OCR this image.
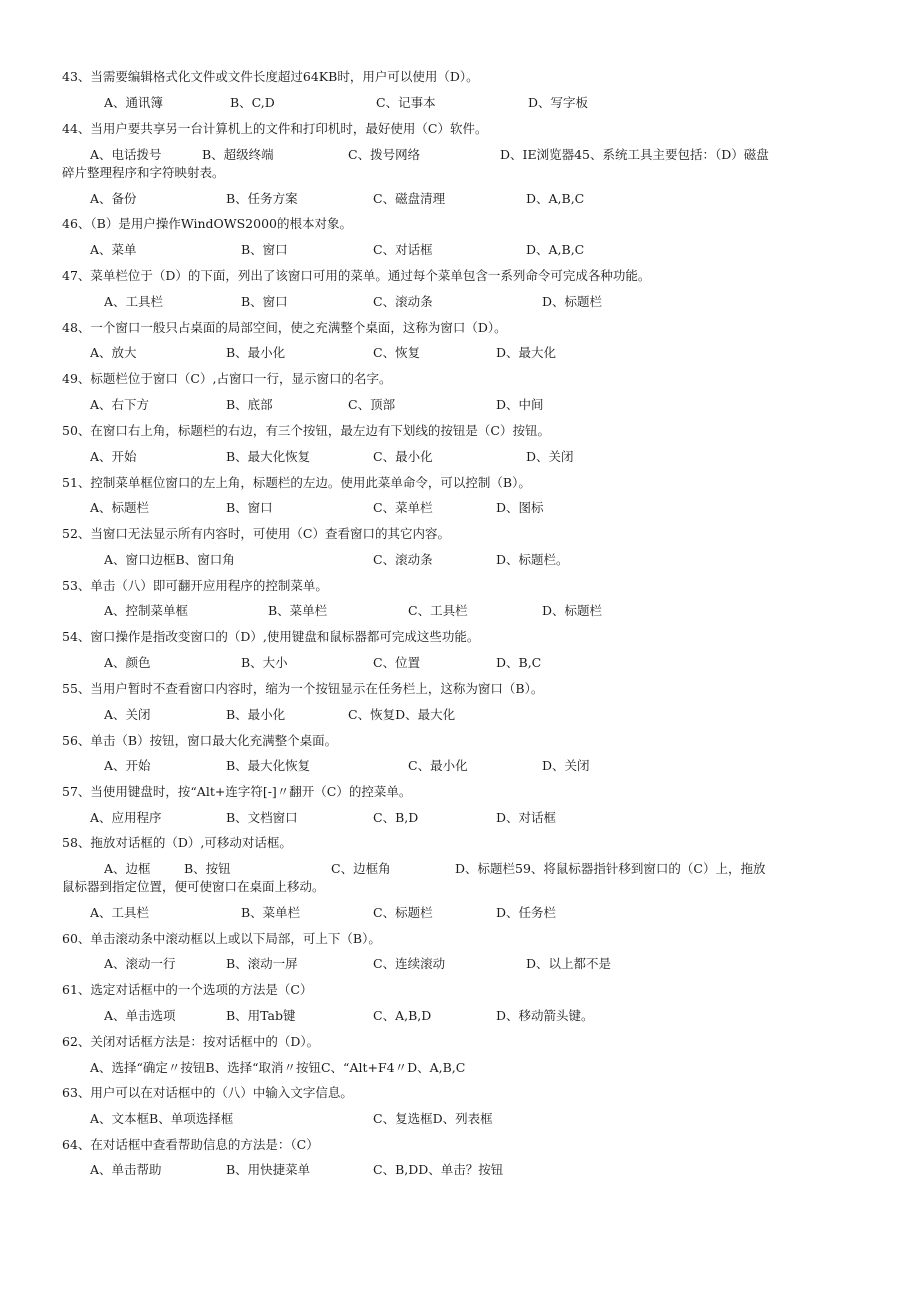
43、当需要编辑格式化文件或文件长度超过64KB时，用户可以使用（D）。
A、通讯簿	B、C,D	C、记事本	D、写字板
44、当用户要共享另一台计算机上的文件和打印机时，最好使用（C）软件。
A、电话拨号	B、超级终端	C、拨号网络	D、IE浏览器45、系统工具主要包括：（D）磁盘
碎片整理程序和字符映射表。
A、备份	B、任务方案	C、磁盘清理	D、A,B,C
46、（B）是用户操作WindOWS2000的根本对象。
A、菜单	B、窗口	C、对话框	D、A,B,C
47、菜单栏位于（D）的下面，列出了该窗口可用的菜单。通过每个菜单包含一系列命令可完成各种功能。
A、工具栏	B、窗口	C、滚动条	D、标题栏
48、一个窗口一般只占桌面的局部空间，使之充满整个桌面，这称为窗口（D）。
A、放大	B、最小化	C、恢复	D、最大化
49、标题栏位于窗口（C）,占窗口一行，显示窗口的名字。
A、右下方	B、底部	C、顶部	D、中间
50、在窗口右上角，标题栏的右边，有三个按钮，最左边有下划线的按钮是（C）按钮。
A、开始	B、最大化恢复	C、最小化	D、关闭
51、控制菜单框位窗口的左上角，标题栏的左边。使用此菜单命令，可以控制（B）。
A、标题栏	B、窗口	C、菜单栏	D、图标
52、当窗口无法显示所有内容时，可使用（C）查看窗口的其它内容。
A、窗口边框B、窗口角	C、滚动条	D、标题栏。
53、单击（八）即可翻开应用程序的控制菜单。
A、控制菜单框	B、菜单栏	C、工具栏	D、标题栏
54、窗口操作是指改变窗口的（D）,使用键盘和鼠标器都可完成这些功能。
A、颜色	B、大小	C、位置	D、B,C
55、当用户暂时不查看窗口内容时，缩为一个按钮显示在任务栏上，这称为窗口（B）。
A、关闭	B、最小化	C、恢复D、最大化
56、单击（B）按钮，窗口最大化充满整个桌面。
A、开始	B、最大化恢复	C、最小化	D、关闭
57、当使用键盘时，按“Alt+连字符[-]〃翻开（C）的控菜单。
A、应用程序	B、文档窗口	C、B,D	D、对话框
58、拖放对话框的（D）,可移动对话框。
A、边框	B、按钮	C、边框角	D、标题栏59、将鼠标器指针移到窗口的（C）上，拖放
鼠标器到指定位置，便可使窗口在桌面上移动。
A、工具栏	B、菜单栏	C、标题栏	D、任务栏
60、单击滚动条中滚动框以上或以下局部，可上下（B）。
A、滚动一行	B、滚动一屏	C、连续滚动	D、以上都不是
61、选定对话框中的一个选项的方法是（C）
A、单击选项	B、用Tab键	C、A,B,D	D、移动箭头键。
62、关闭对话框方法是：按对话框中的（D）。
A、选择“确定〃按钮B、选择“取消〃按钮C、“Alt+F4〃D、A,B,C
63、用户可以在对话框中的（八）中输入文字信息。
A、文本框B、单项选择框	C、复选框D、列表框
64、在对话框中查看帮助信息的方法是：（C）
A、单击帮助	B、用快捷菜单	C、B,DD、单击？按钮
